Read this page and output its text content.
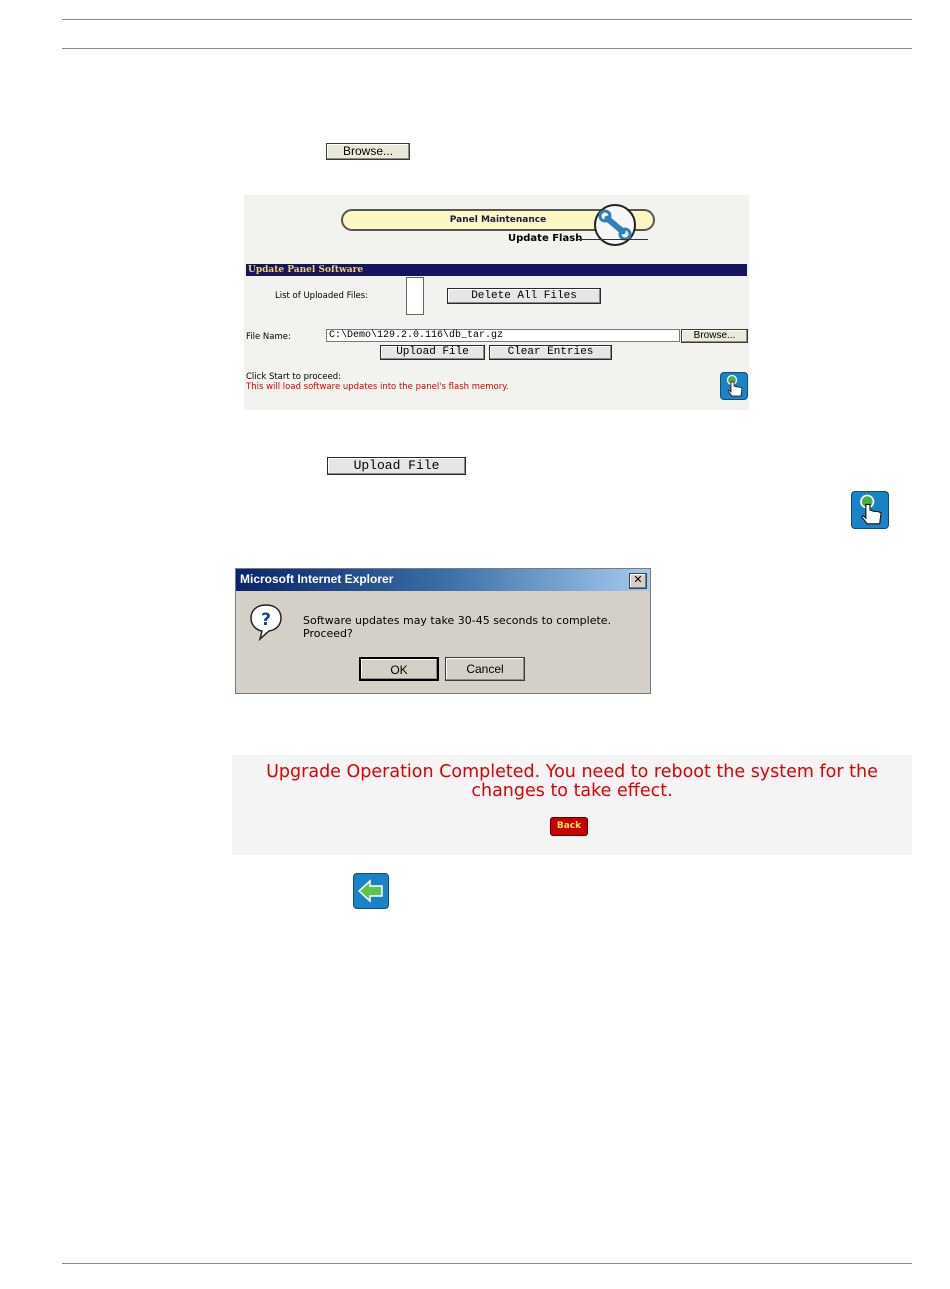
Browse...
Panel Maintenance
Update Flash
Update Panel Software
List of Uploaded Files:	Delete All Files
File Name:	C:\Demo\129.2.0.116\db_tar.gz	Browse...
Upload File	Clear Entries
Click Start to proceed:
This will load software updates into the panel's flash memory.
Upload File
Microsoft Internet Explorer	✕
?	Software updates may take 30-45 seconds to complete. Proceed?
OK	Cancel
Upgrade Operation Completed. You need to reboot the system for the changes to take effect.
Back
